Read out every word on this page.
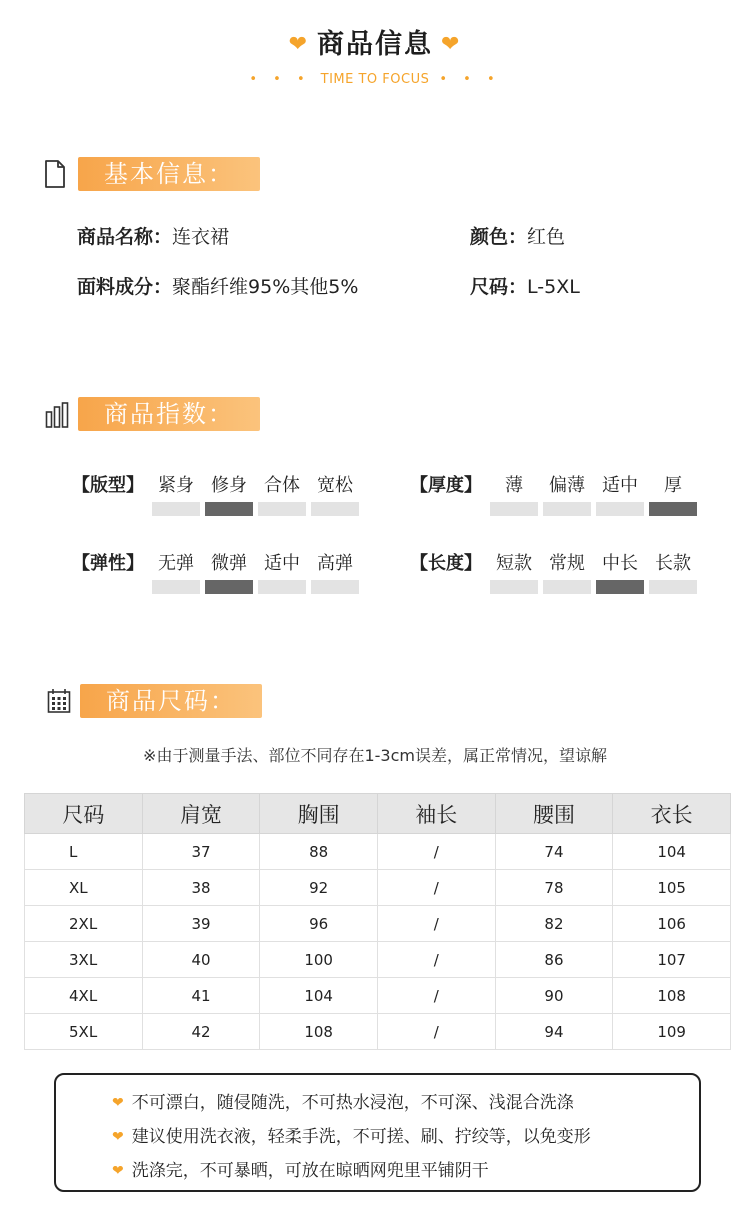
❤ 商品信息 ❤
• • • TIME TO FOCUS • • •
基本信息：
商品名称：连衣裙	颜色：红色
面料成分：聚酯纤维95%其他5%	尺码：L-5XL
商品指数：
【版型】 紧身 修身 合体 宽松	【厚度】	薄	偏薄 适中	厚
【弹性】 无弹 微弹 适中 高弹	【长度】 短款 常规 中长 长款
商品尺码：
※由于测量手法、部位不同存在1-3cm误差，属正常情况，望谅解
尺码	肩宽	胸围	袖长	腰围	衣长
L	37	88	/	74	104
XL	38	92	/	78	105
2XL	39	96	/	82	106
3XL	40	100	/	86	107
4XL	41	104	/	90	108
5XL	42	108	/	94	109
❤ 不可漂白，随侵随洗，不可热水浸泡，不可深、浅混合洗涤
❤ 建议使用洗衣液，轻柔手洗，不可搓、刷、拧绞等，以免变形
❤ 洗涤完，不可暴晒，可放在晾晒网兜里平铺阴干
